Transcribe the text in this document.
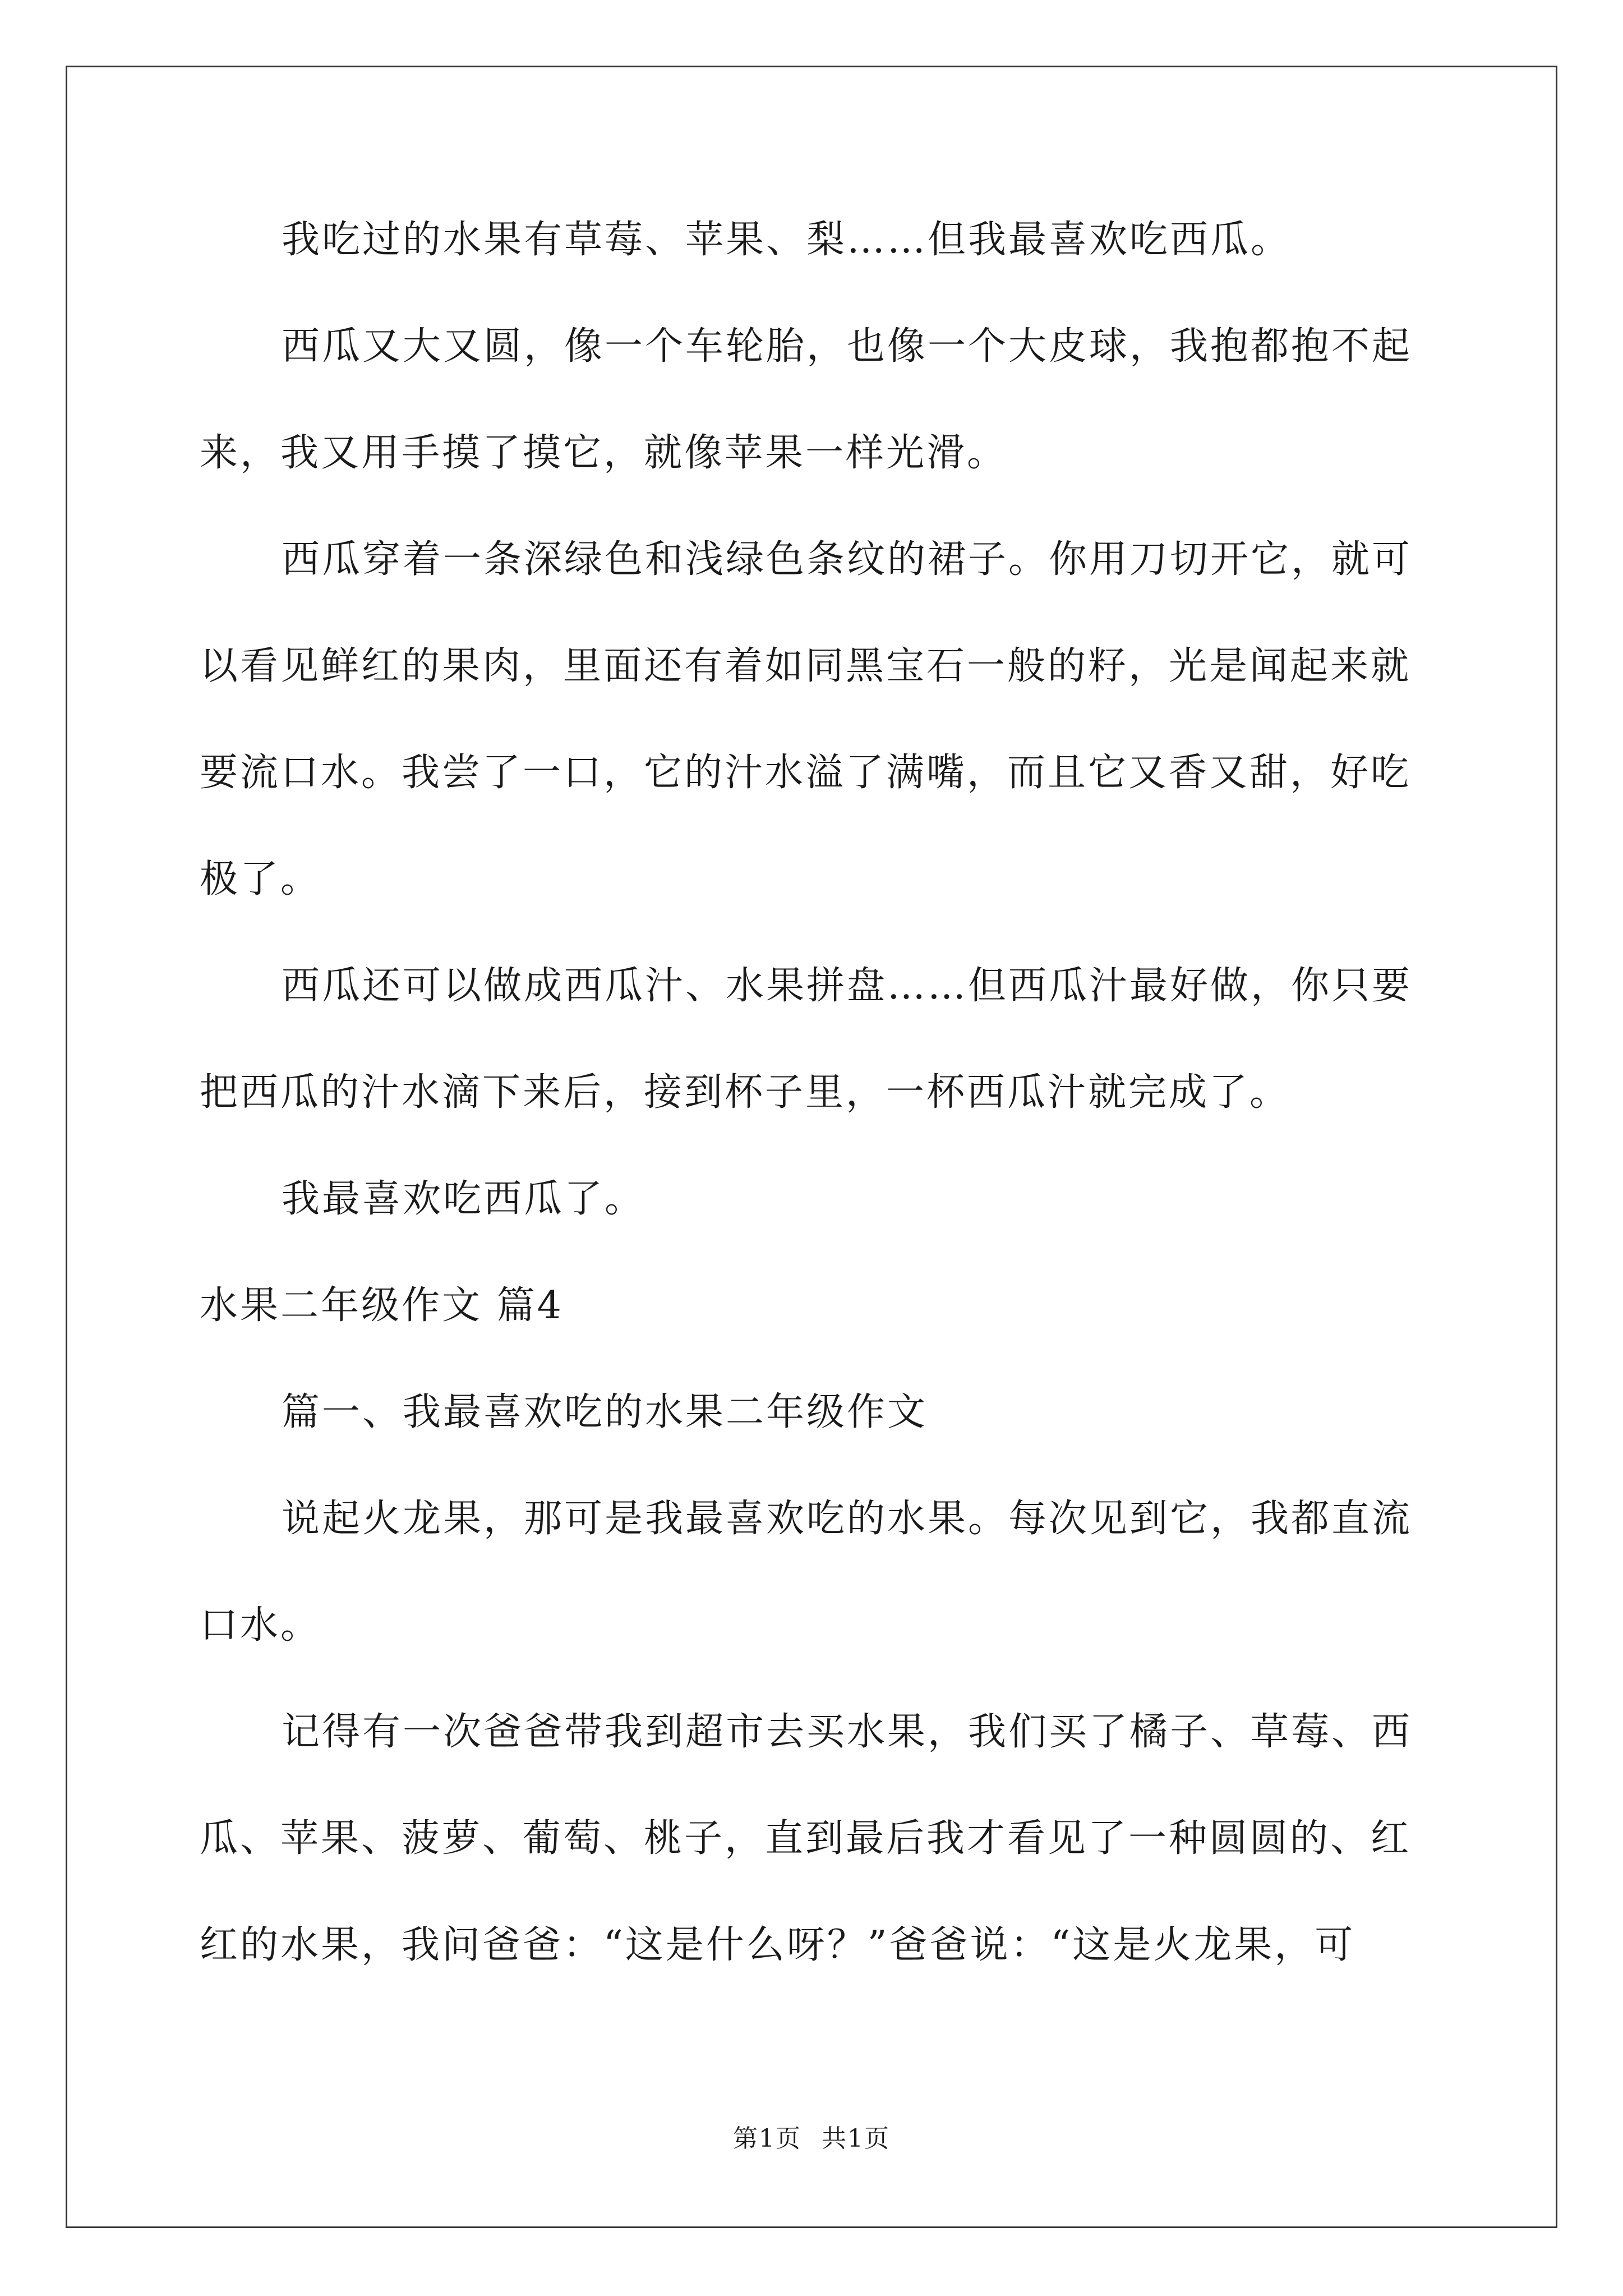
我吃过的水果有草莓、苹果、梨……但我最喜欢吃西瓜。
西瓜又大又圆，像一个车轮胎，也像一个大皮球，我抱都抱不起
来，我又用手摸了摸它，就像苹果一样光滑。
西瓜穿着一条深绿色和浅绿色条纹的裙子。你用刀切开它，就可
以看见鲜红的果肉，里面还有着如同黑宝石一般的籽，光是闻起来就
要流口水。我尝了一口，它的汁水溢了满嘴，而且它又香又甜，好吃
极了。
西瓜还可以做成西瓜汁、水果拼盘……但西瓜汁最好做，你只要
把西瓜的汁水滴下来后，接到杯子里，一杯西瓜汁就完成了。
我最喜欢吃西瓜了。
水果二年级作文 篇4
篇一、我最喜欢吃的水果二年级作文
说起火龙果，那可是我最喜欢吃的水果。每次见到它，我都直流
口水。
记得有一次爸爸带我到超市去买水果，我们买了橘子、草莓、西
瓜、苹果、菠萝、葡萄、桃子，直到最后我才看见了一种圆圆的、红
红的水果，我问爸爸：“这是什么呀？”爸爸说：“这是火龙果，可
第1页 共1页
